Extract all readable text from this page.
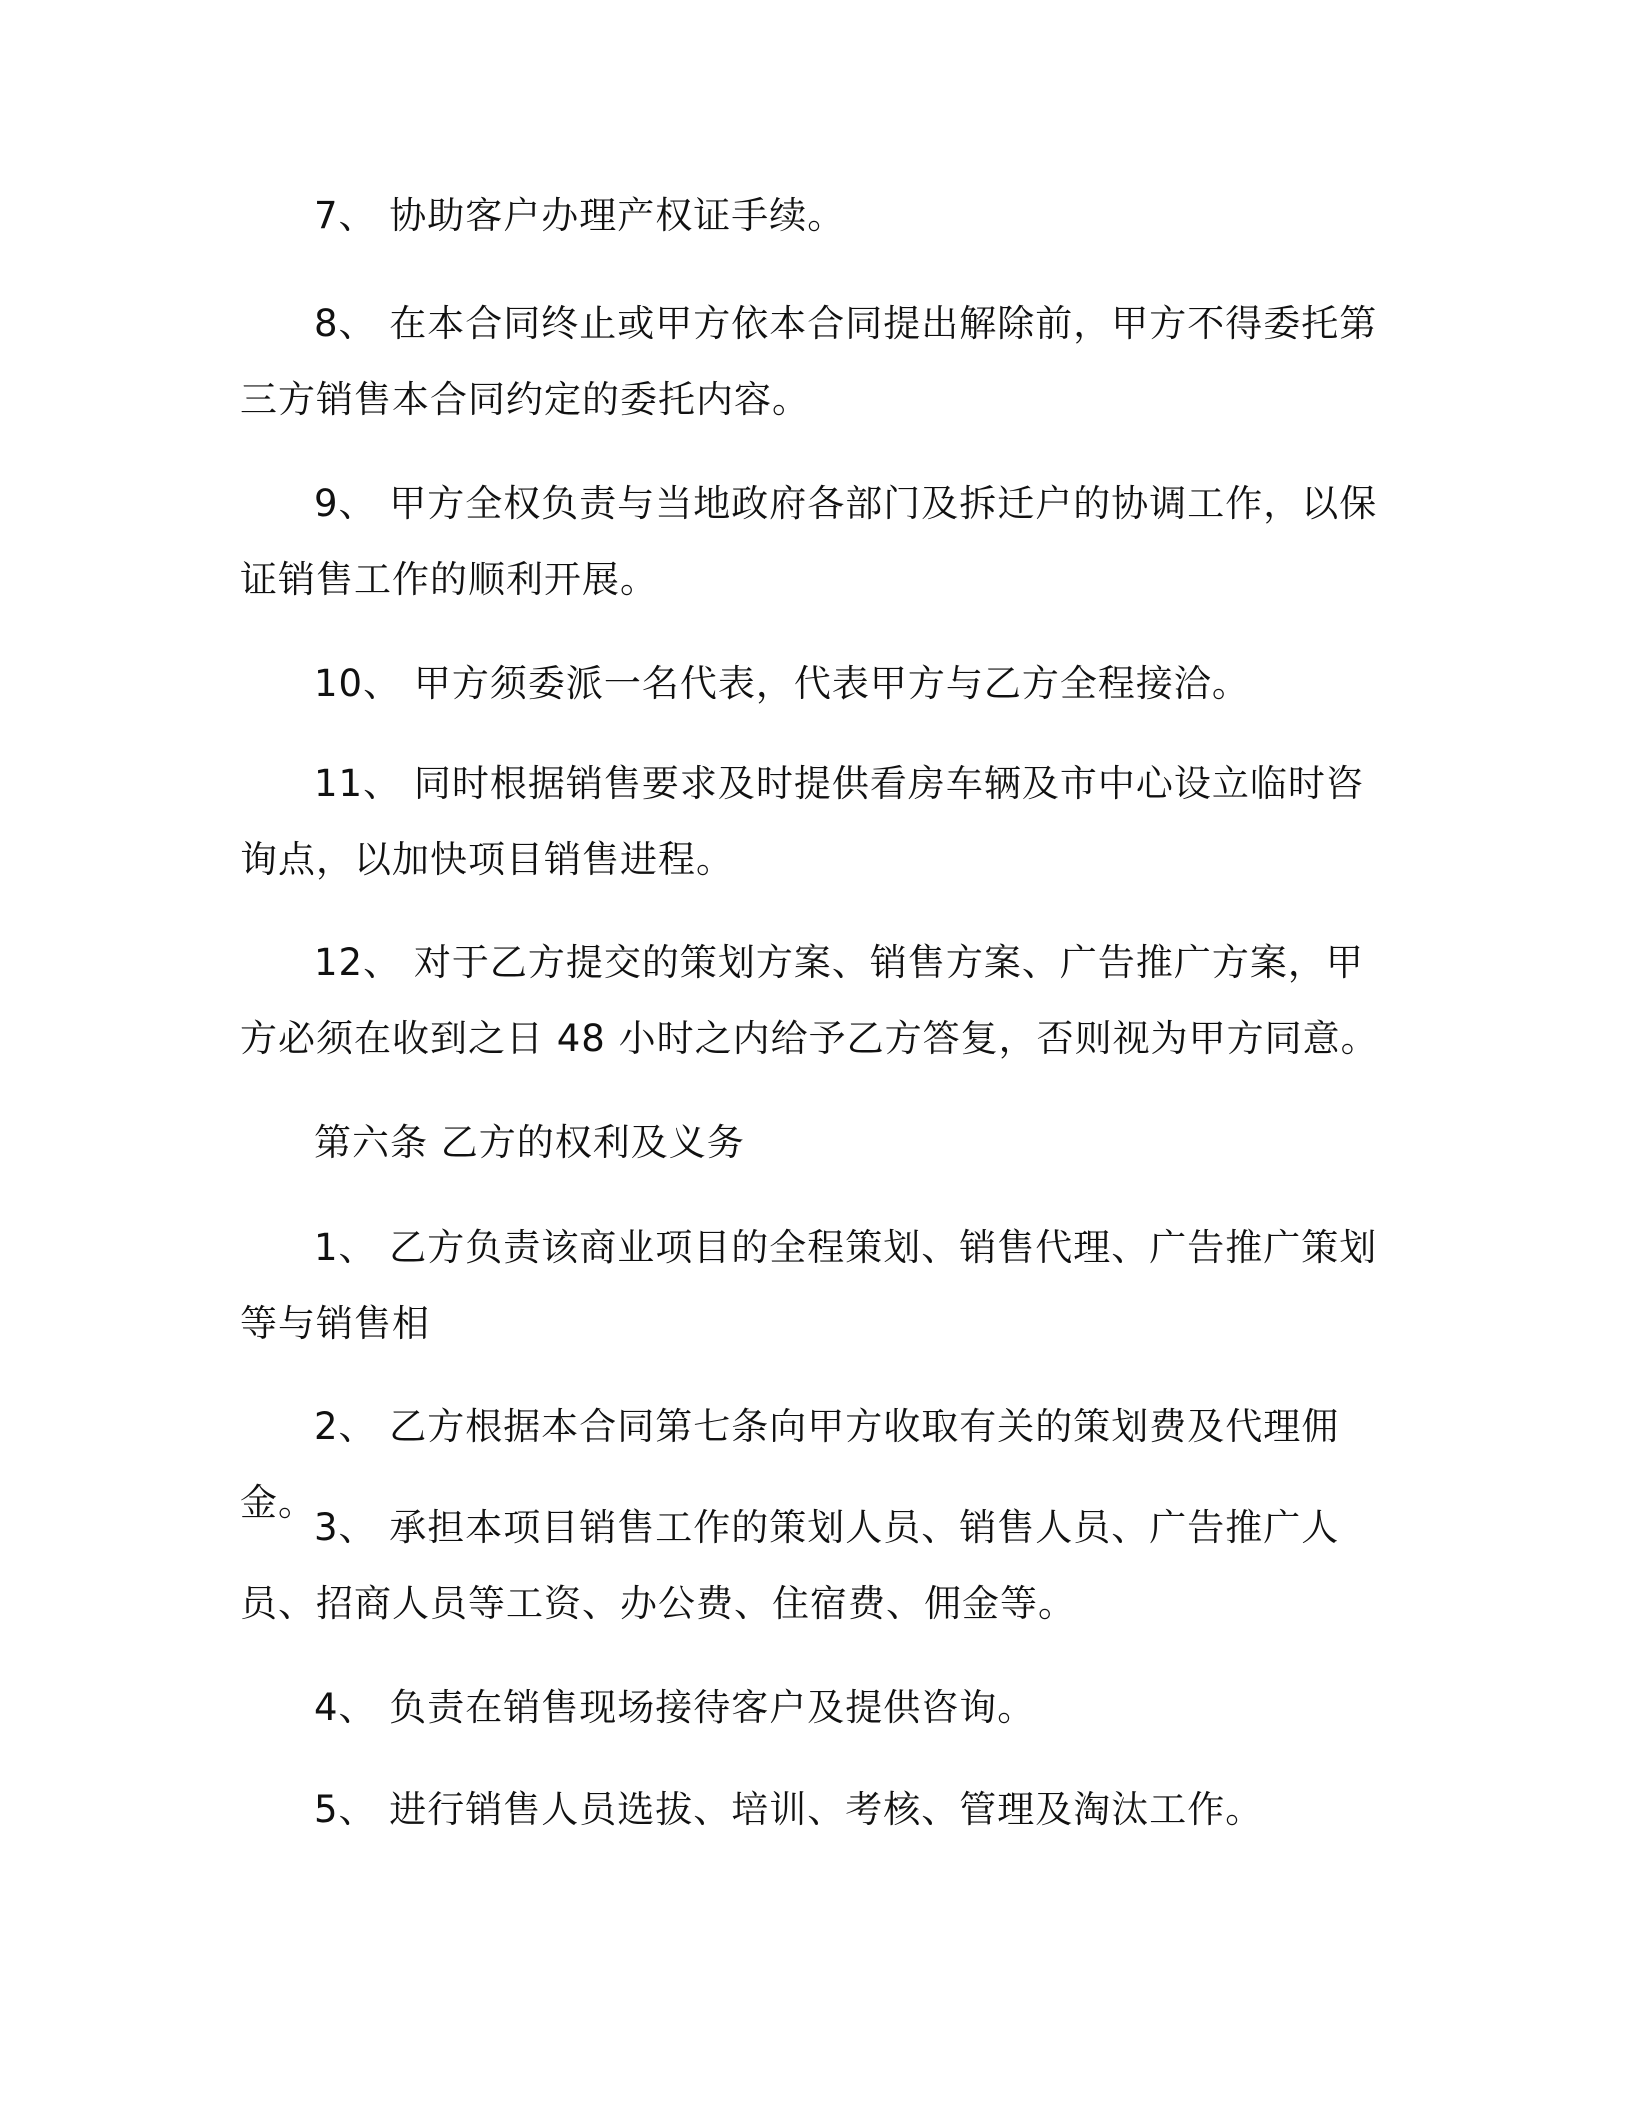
7、 协助客户办理产权证手续。

8、 在本合同终止或甲方依本合同提出解除前，甲方不得委托第三方销售本合同约定的委托内容。

9、 甲方全权负责与当地政府各部门及拆迁户的协调工作，以保证销售工作的顺利开展。

10、 甲方须委派一名代表，代表甲方与乙方全程接洽。

11、 同时根据销售要求及时提供看房车辆及市中心设立临时咨询点，以加快项目销售进程。

12、 对于乙方提交的策划方案、销售方案、广告推广方案，甲方必须在收到之日 48 小时之内给予乙方答复，否则视为甲方同意。

第六条 乙方的权利及义务

1、 乙方负责该商业项目的全程策划、销售代理、广告推广策划等与销售相

2、 乙方根据本合同第七条向甲方收取有关的策划费及代理佣金。

3、 承担本项目销售工作的策划人员、销售人员、广告推广人员、招商人员等工资、办公费、住宿费、佣金等。

4、 负责在销售现场接待客户及提供咨询。

5、 进行销售人员选拔、培训、考核、管理及淘汰工作。
